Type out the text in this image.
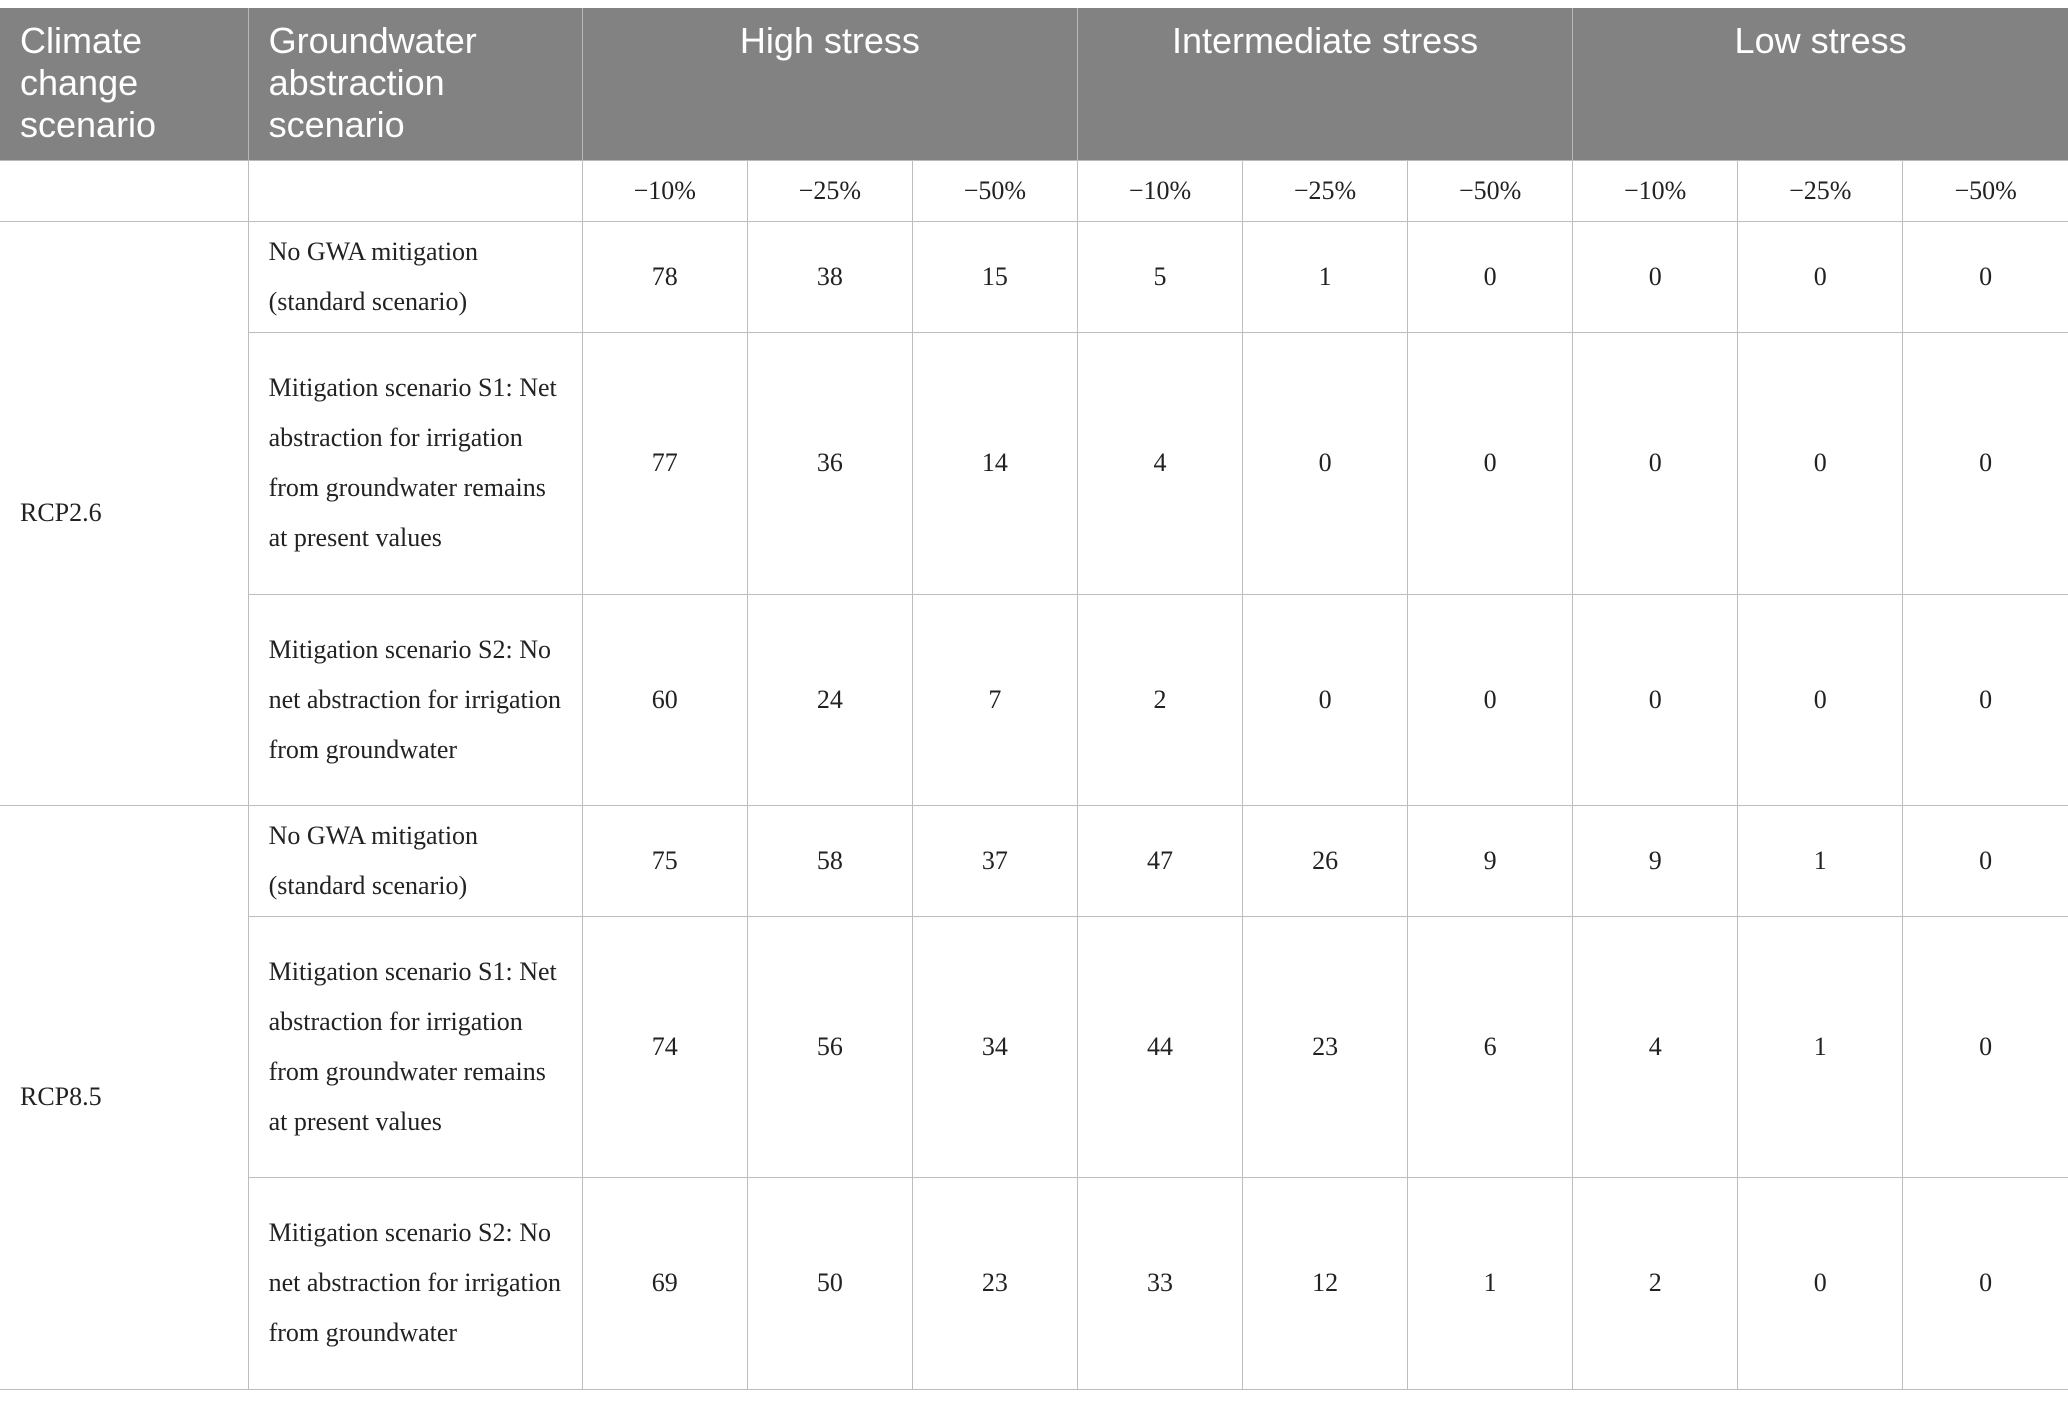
Climate change scenario	Groundwater abstraction scenario	High stress			Intermediate stress			Low stress		
		−10%	−25%	−50%	−10%	−25%	−50%	−10%	−25%	−50%
RCP2.6	No GWA mitigation (standard scenario)	78	38	15	5	1	0	0	0	0
	Mitigation scenario S1: Net abstraction for irrigation from groundwater remains at present values	77	36	14	4	0	0	0	0	0
	Mitigation scenario S2: No net abstraction for irrigation from groundwater	60	24	7	2	0	0	0	0	0
RCP8.5	No GWA mitigation (standard scenario)	75	58	37	47	26	9	9	1	0
	Mitigation scenario S1: Net abstraction for irrigation from groundwater remains at present values	74	56	34	44	23	6	4	1	0
	Mitigation scenario S2: No net abstraction for irrigation from groundwater	69	50	23	33	12	1	2	0	0
